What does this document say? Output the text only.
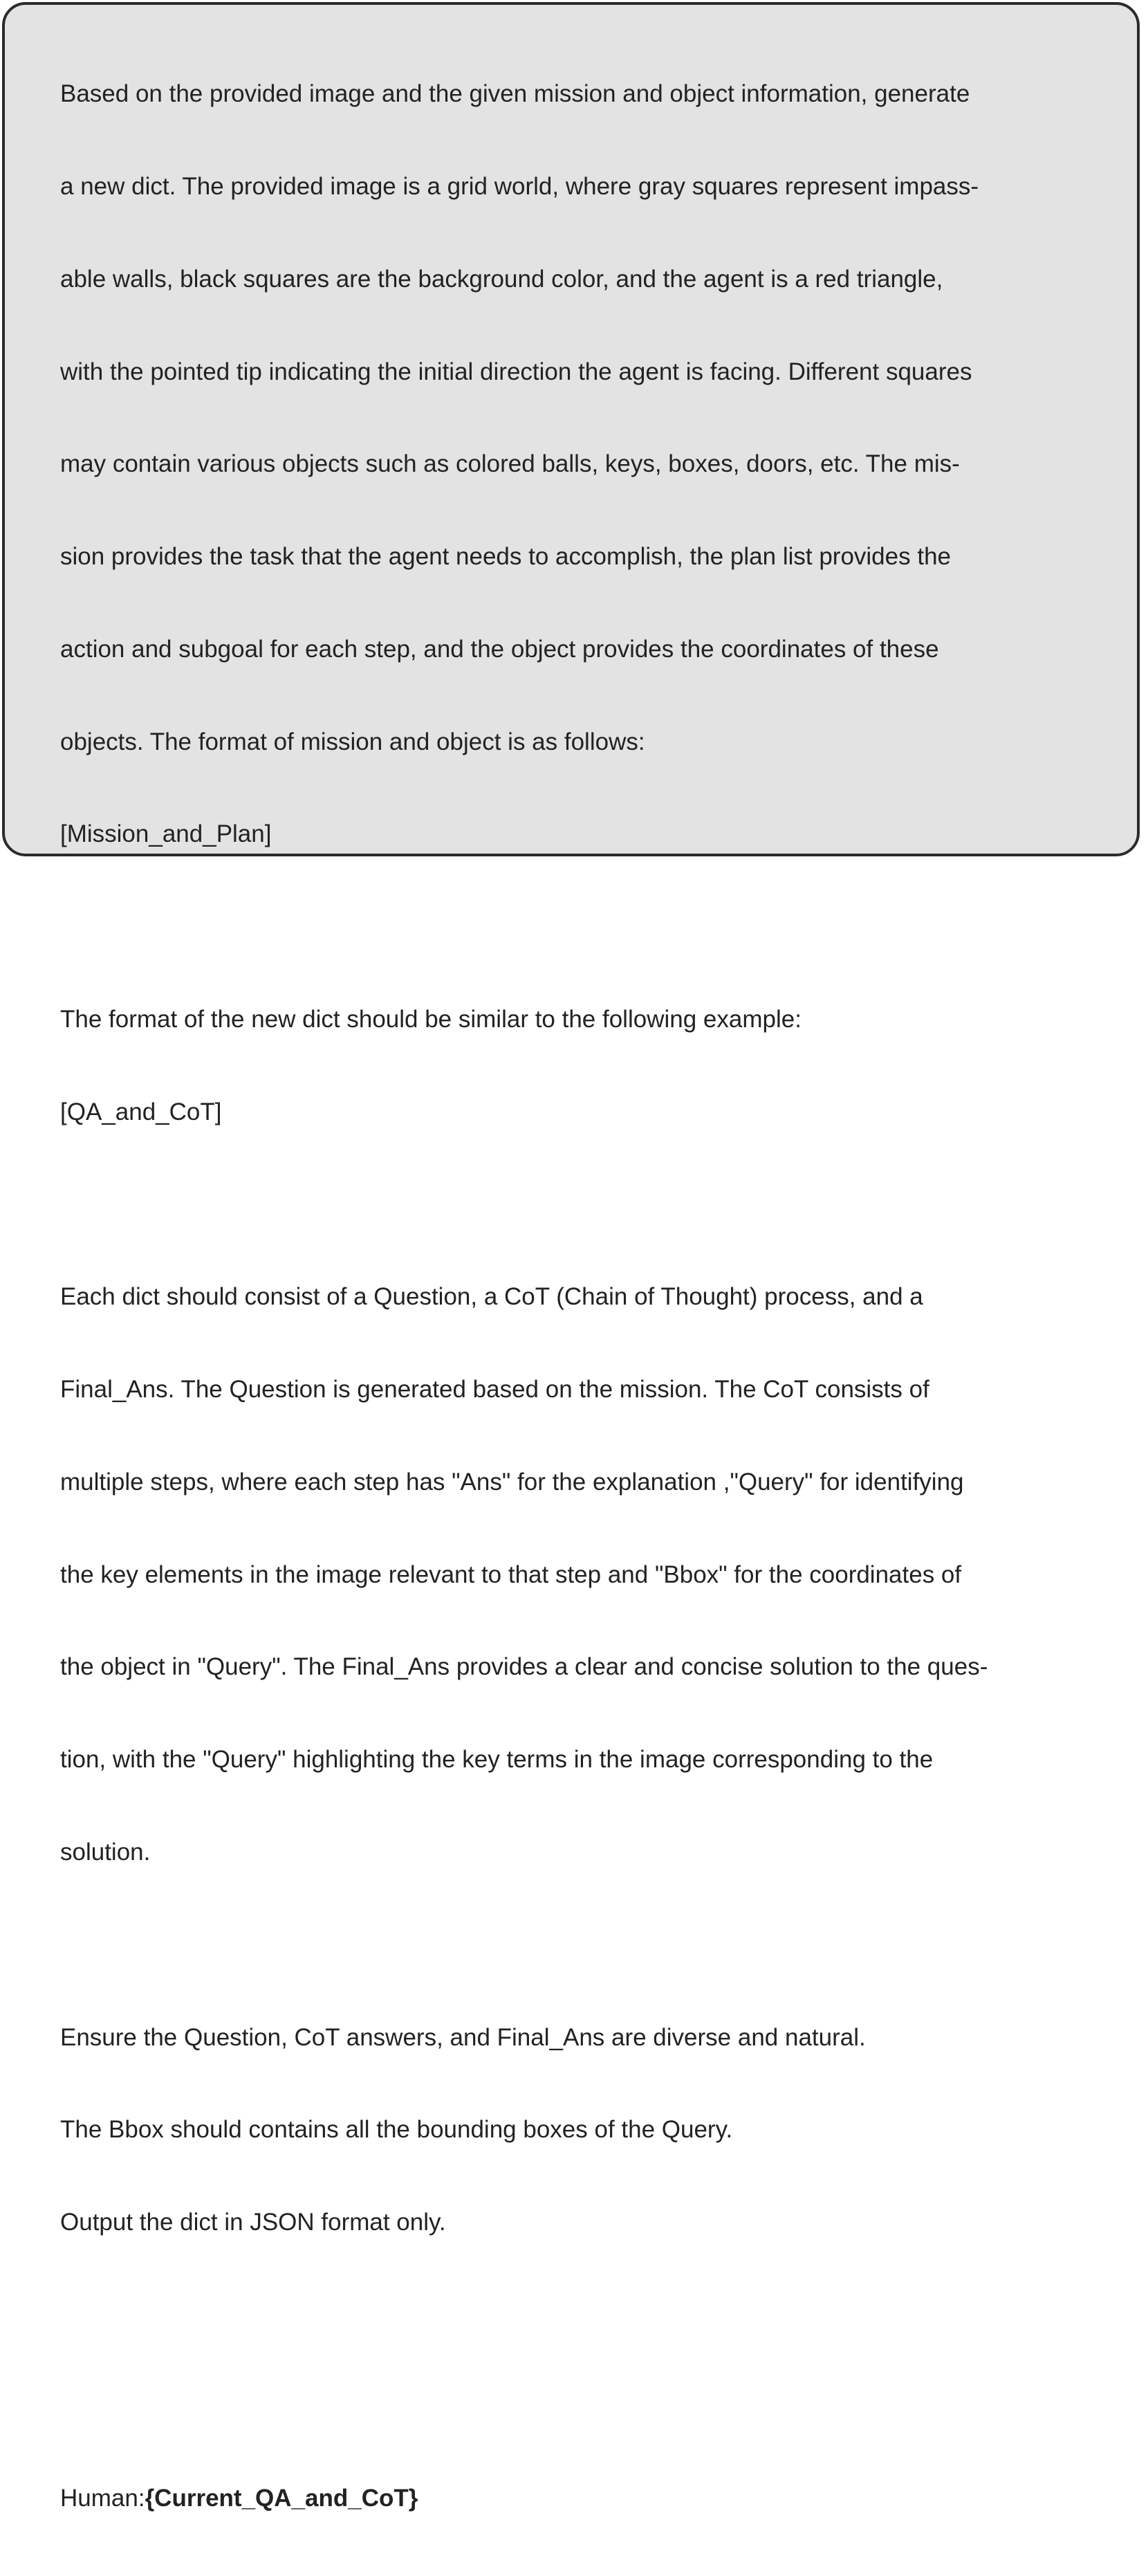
Based on the provided image and the given mission and object information, generate

a new dict. The provided image is a grid world, where gray squares represent impass-

able walls, black squares are the background color, and the agent is a red triangle,

with the pointed tip indicating the initial direction the agent is facing. Different squares

may contain various objects such as colored balls, keys, boxes, doors, etc. The mis-

sion provides the task that the agent needs to accomplish, the plan list provides the

action and subgoal for each step, and the object provides the coordinates of these

objects. The format of mission and object is as follows:

[Mission_and_Plan]

The format of the new dict should be similar to the following example:

[QA_and_CoT]

Each dict should consist of a Question, a CoT (Chain of Thought) process, and a

Final_Ans. The Question is generated based on the mission. The CoT consists of

multiple steps, where each step has "Ans" for the explanation ,"Query" for identifying

the key elements in the image relevant to that step and "Bbox" for the coordinates of

the object in "Query". The Final_Ans provides a clear and concise solution to the ques-

tion, with the "Query" highlighting the key terms in the image corresponding to the

solution.

Ensure the Question, CoT answers, and Final_Ans are diverse and natural.

The Bbox should contains all the bounding boxes of the Query.

Output the dict in JSON format only.

Human:{Current_QA_and_CoT}
